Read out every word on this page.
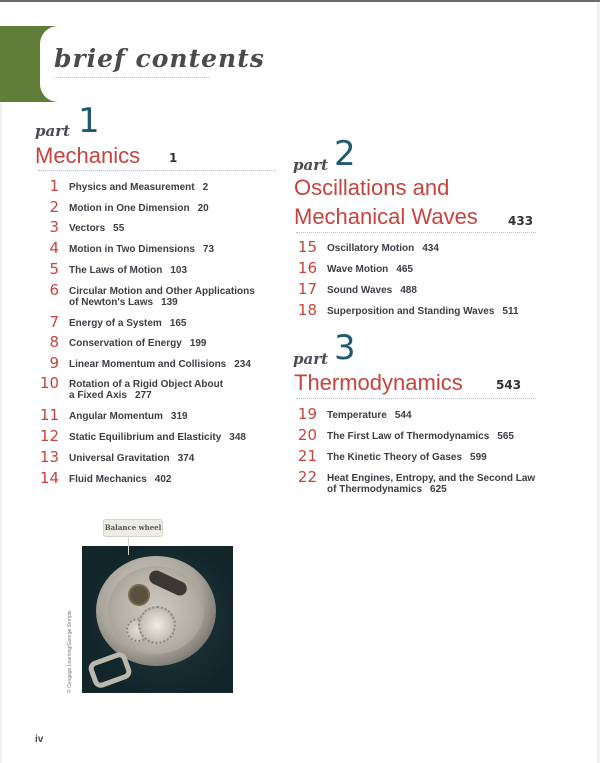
brief contents
part 1
Mechanics 1
1	Physics and Measurement 2
2	Motion in One Dimension 20
3	Vectors 55
4	Motion in Two Dimensions 73
5	The Laws of Motion 103
6	Circular Motion and Other Applications
of Newton's Laws 139
7	Energy of a System 165
8	Conservation of Energy 199
9	Linear Momentum and Collisions 234
10	Rotation of a Rigid Object About
a Fixed Axis 277
11	Angular Momentum 319
12	Static Equilibrium and Elasticity 348
13	Universal Gravitation 374
14	Fluid Mechanics 402
part 2
Oscillations and
Mechanical Waves	433
15	Oscillatory Motion 434
16	Wave Motion 465
17	Sound Waves 488
18	Superposition and Standing Waves 511
part 3
Thermodynamics	543
19	Temperature 544
20	The First Law of Thermodynamics 565
21	The Kinetic Theory of Gases 599
22	Heat Engines, Entropy, and the Second Law
of Thermodynamics 625
Balance wheel
© Cengage Learning/George Semple
iv
